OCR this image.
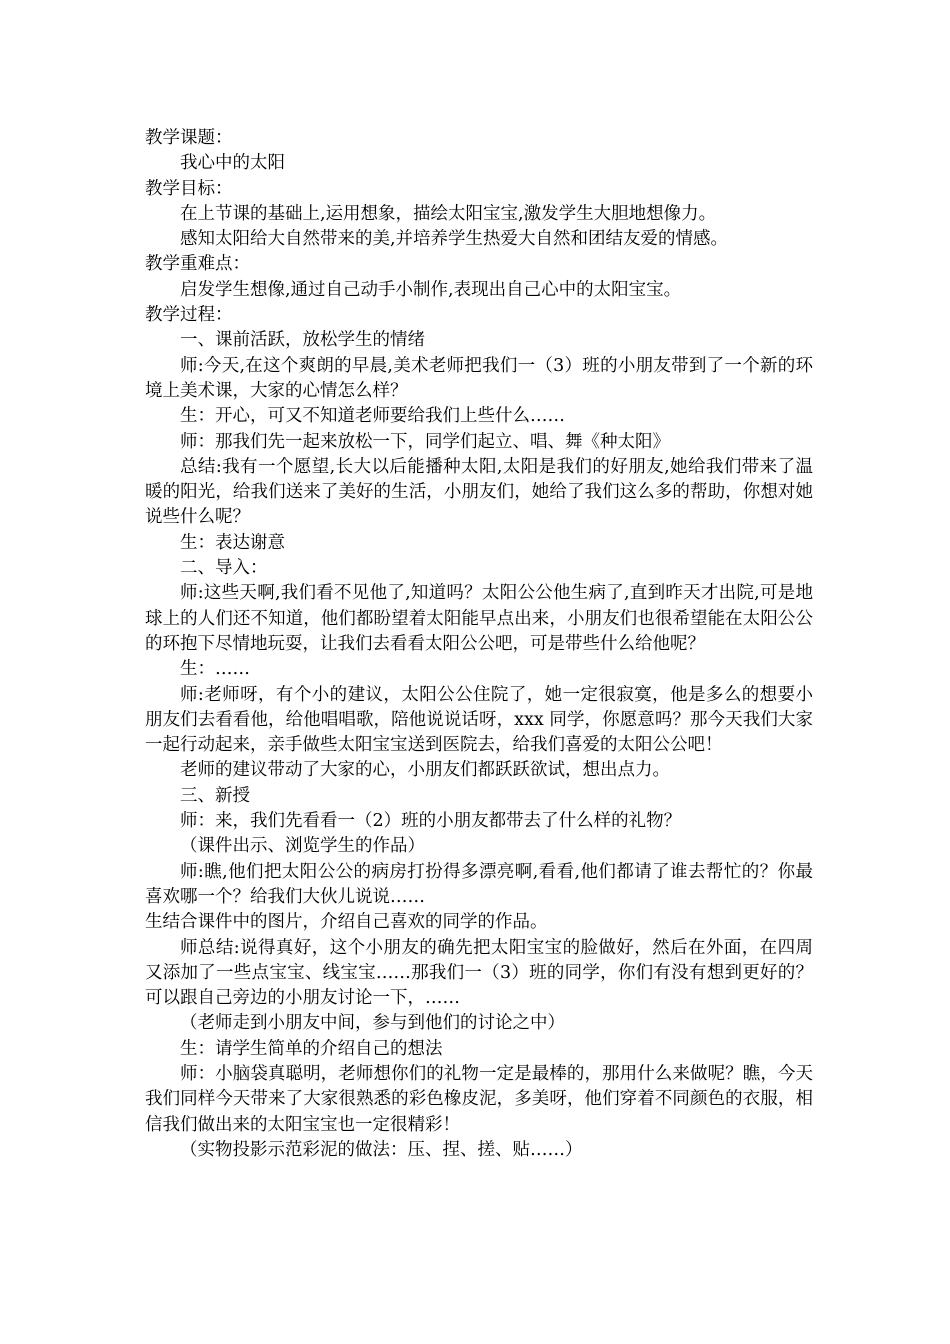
教学课题：

我心中的太阳

教学目标：

在上节课的基础上,运用想象，描绘太阳宝宝,激发学生大胆地想像力。

感知太阳给大自然带来的美,并培养学生热爱大自然和团结友爱的情感。

教学重难点：

启发学生想像,通过自己动手小制作,表现出自己心中的太阳宝宝。

教学过程：

一、课前活跃，放松学生的情绪

师:今天,在这个爽朗的早晨,美术老师把我们一（3）班的小朋友带到了一个新的环境上美术课，大家的心情怎么样？

生：开心，可又不知道老师要给我们上些什么……

师：那我们先一起来放松一下，同学们起立、唱、舞《种太阳》

总结:我有一个愿望,长大以后能播种太阳,太阳是我们的好朋友,她给我们带来了温暖的阳光，给我们送来了美好的生活，小朋友们，她给了我们这么多的帮助，你想对她说些什么呢？

生：表达谢意

二、导入：

师:这些天啊,我们看不见他了,知道吗？太阳公公他生病了,直到昨天才出院,可是地球上的人们还不知道，他们都盼望着太阳能早点出来，小朋友们也很希望能在太阳公公的环抱下尽情地玩耍，让我们去看看太阳公公吧，可是带些什么给他呢？

生：……

师:老师呀，有个小的建议，太阳公公住院了，她一定很寂寞，他是多么的想要小朋友们去看看他，给他唱唱歌，陪他说说话呀，xxx 同学，你愿意吗？那今天我们大家一起行动起来，亲手做些太阳宝宝送到医院去，给我们喜爱的太阳公公吧！

老师的建议带动了大家的心，小朋友们都跃跃欲试，想出点力。

三、新授

师：来，我们先看看一（2）班的小朋友都带去了什么样的礼物？

（课件出示、浏览学生的作品）

师:瞧,他们把太阳公公的病房打扮得多漂亮啊,看看,他们都请了谁去帮忙的？你最喜欢哪一个？给我们大伙儿说说……

生结合课件中的图片，介绍自己喜欢的同学的作品。

师总结:说得真好，这个小朋友的确先把太阳宝宝的脸做好，然后在外面，在四周又添加了一些点宝宝、线宝宝……那我们一（3）班的同学，你们有没有想到更好的？可以跟自己旁边的小朋友讨论一下，……

（老师走到小朋友中间，参与到他们的讨论之中）

生：请学生简单的介绍自己的想法

师：小脑袋真聪明，老师想你们的礼物一定是最棒的，那用什么来做呢？瞧，今天我们同样今天带来了大家很熟悉的彩色橡皮泥，多美呀，他们穿着不同颜色的衣服，相信我们做出来的太阳宝宝也一定很精彩！

（实物投影示范彩泥的做法：压、捏、搓、贴……）
